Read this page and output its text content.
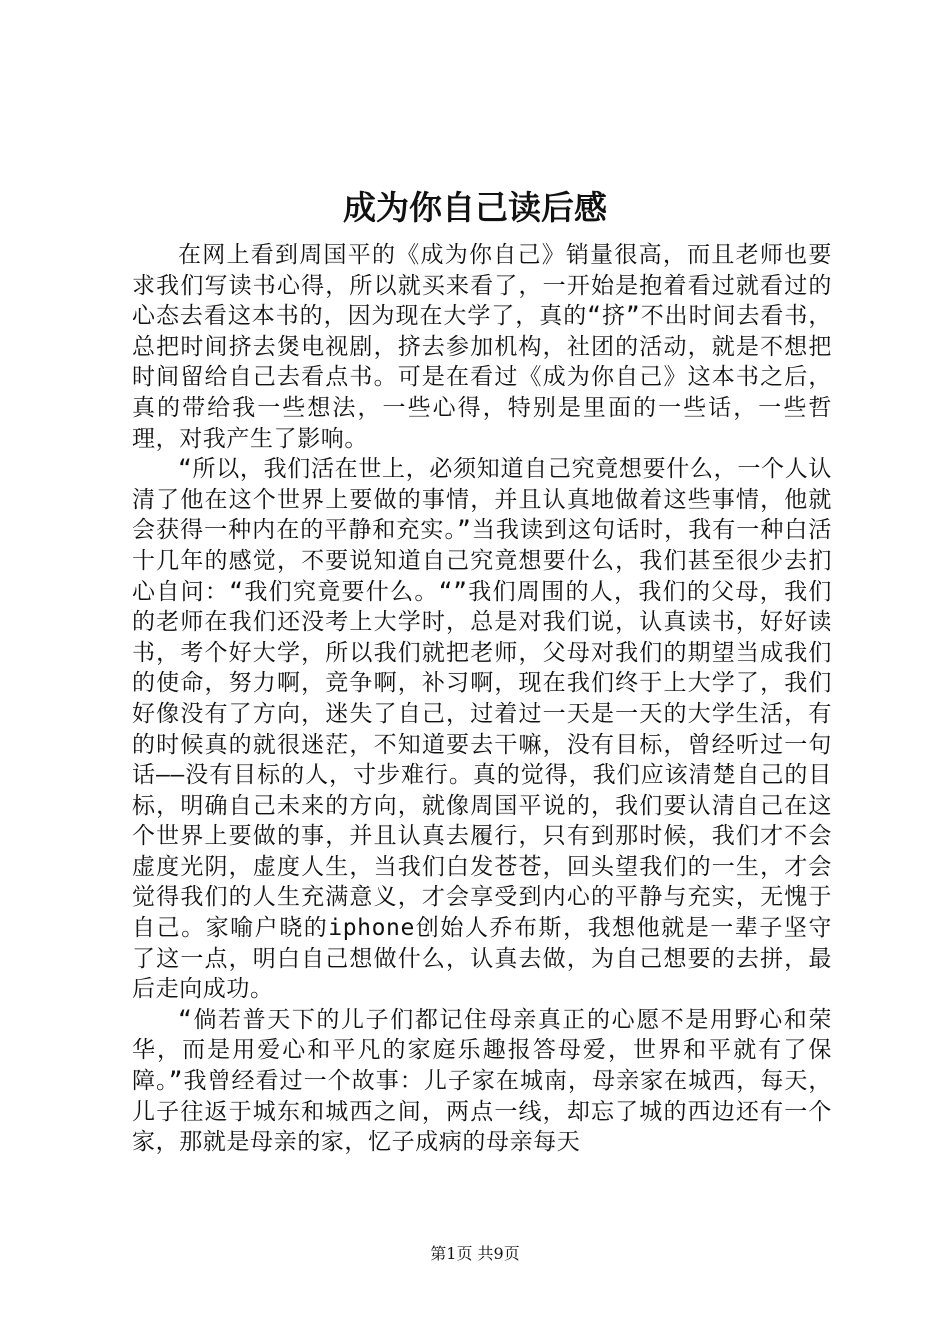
成为你自己读后感

在网上看到周国平的《成为你自己》销量很高，而且老师也要求我们写读书心得，所以就买来看了，一开始是抱着看过就看过的心态去看这本书的，因为现在大学了，真的“挤”不出时间去看书，总把时间挤去煲电视剧，挤去参加机构，社团的活动，就是不想把时间留给自己去看点书。可是在看过《成为你自己》这本书之后，真的带给我一些想法，一些心得，特别是里面的一些话，一些哲理，对我产生了影响。

“所以，我们活在世上，必须知道自己究竟想要什么，一个人认清了他在这个世界上要做的事情，并且认真地做着这些事情，他就会获得一种内在的平静和充实。”当我读到这句话时，我有一种白活十几年的感觉，不要说知道自己究竟想要什么，我们甚至很少去扪心自问：“我们究竟要什么。“”我们周围的人，我们的父母，我们的老师在我们还没考上大学时，总是对我们说，认真读书，好好读书，考个好大学，所以我们就把老师，父母对我们的期望当成我们的使命，努力啊，竞争啊，补习啊，现在我们终于上大学了，我们好像没有了方向，迷失了自己，过着过一天是一天的大学生活，有的时候真的就很迷茫，不知道要去干嘛，没有目标，曾经听过一句话——没有目标的人，寸步难行。真的觉得，我们应该清楚自己的目标，明确自己未来的方向，就像周国平说的，我们要认清自己在这个世界上要做的事，并且认真去履行，只有到那时候，我们才不会虚度光阴，虚度人生，当我们白发苍苍，回头望我们的一生，才会觉得我们的人生充满意义，才会享受到内心的平静与充实，无愧于自己。家喻户晓的iphone创始人乔布斯，我想他就是一辈子坚守了这一点，明白自己想做什么，认真去做，为自己想要的去拼，最后走向成功。

“倘若普天下的儿子们都记住母亲真正的心愿不是用野心和荣华，而是用爱心和平凡的家庭乐趣报答母爱，世界和平就有了保障。”我曾经看过一个故事：儿子家在城南，母亲家在城西，每天，儿子往返于城东和城西之间，两点一线，却忘了城的西边还有一个家，那就是母亲的家，忆子成病的母亲每天

第1页 共9页
